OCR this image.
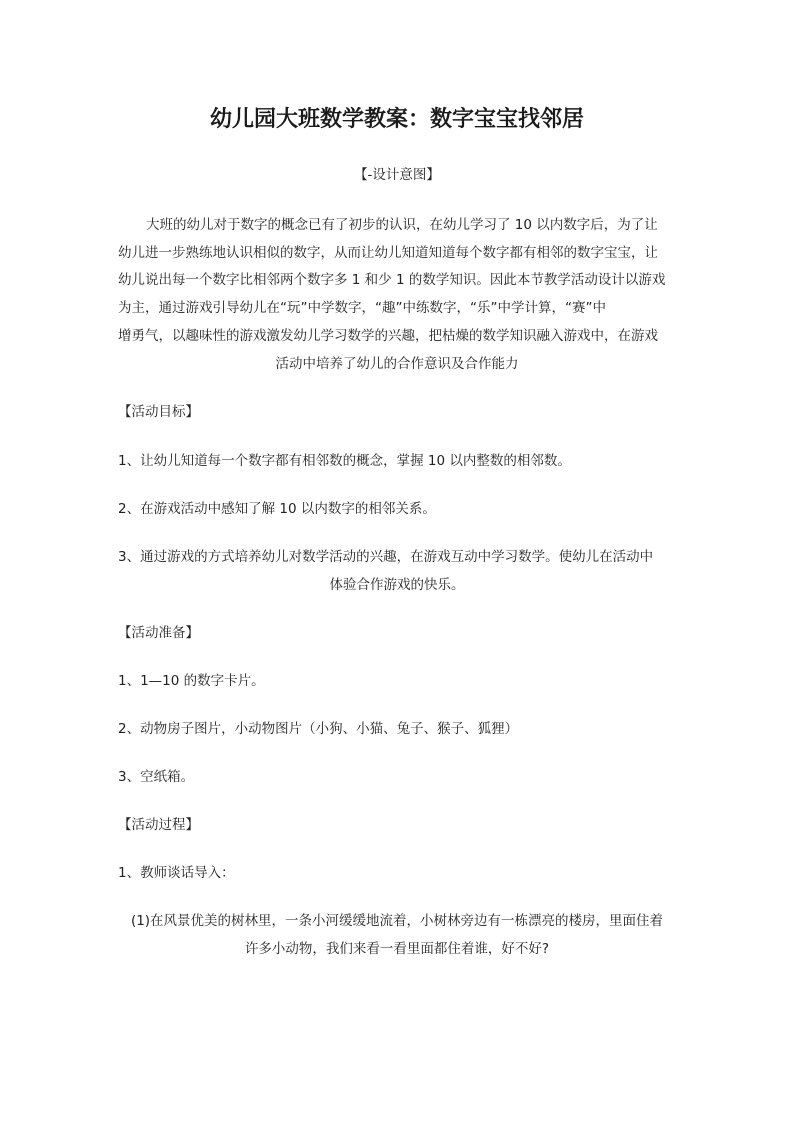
幼儿园大班数学教案：数字宝宝找邻居
【-设计意图】
大班的幼儿对于数字的概念已有了初步的认识，在幼儿学习了 10 以内数字后，为了让
幼儿进一步熟练地认识相似的数字，从而让幼儿知道知道每个数字都有相邻的数字宝宝，让
幼儿说出每一个数字比相邻两个数字多 1 和少 1 的数学知识。因此本节教学活动设计以游戏
为主，通过游戏引导幼儿在“玩”中学数字，“趣”中练数字，“乐”中学计算，“赛”中
增勇气，以趣味性的游戏激发幼儿学习数学的兴趣，把枯燥的数学知识融入游戏中，在游戏
活动中培养了幼儿的合作意识及合作能力
【活动目标】
1、让幼儿知道每一个数字都有相邻数的概念，掌握 10 以内整数的相邻数。
2、在游戏活动中感知了解 10 以内数字的相邻关系。
3、通过游戏的方式培养幼儿对数学活动的兴趣，在游戏互动中学习数学。使幼儿在活动中
体验合作游戏的快乐。
【活动准备】
1、1—10 的数字卡片。
2、动物房子图片，小动物图片（小狗、小猫、兔子、猴子、狐狸）
3、空纸箱。
【活动过程】
1、教师谈话导入：
(1)在风景优美的树林里，一条小河缓缓地流着，小树林旁边有一栋漂亮的楼房，里面住着
许多小动物，我们来看一看里面都住着谁，好不好?
